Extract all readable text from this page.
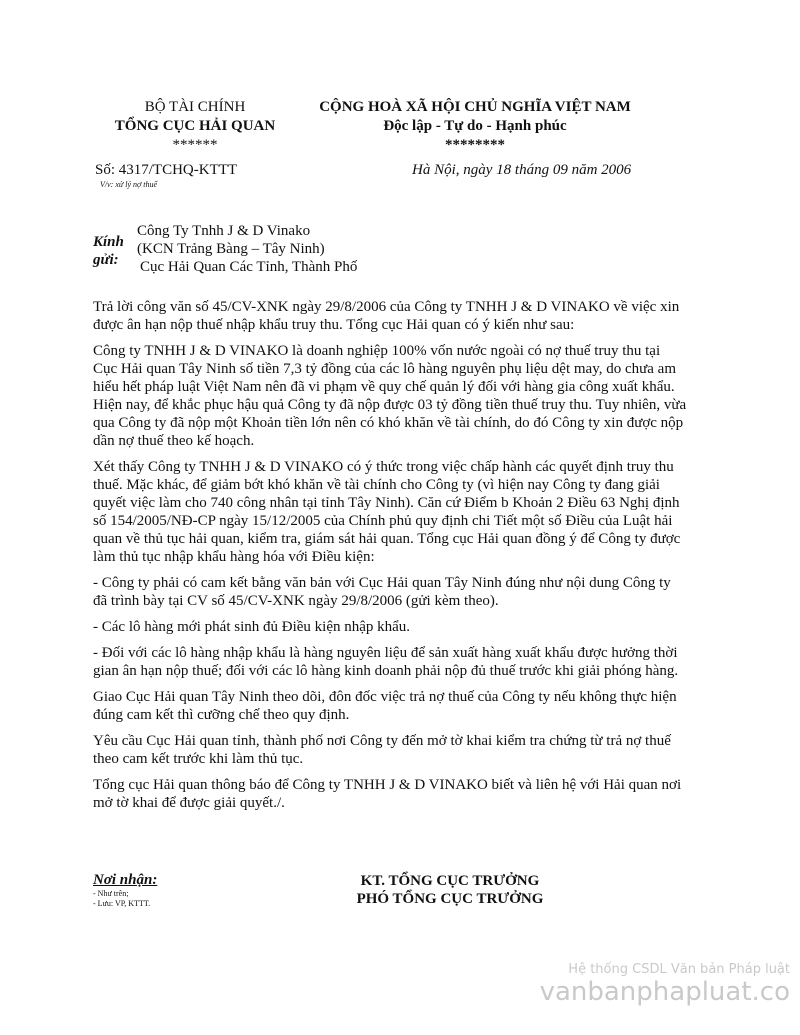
BỘ TÀI CHÍNH
TỔNG CỤC HẢI QUAN
******
CỘNG HOÀ XÃ HỘI CHỦ NGHĨA VIỆT NAM
Độc lập - Tự do - Hạnh phúc
********
Số: 4317/TCHQ-KTTT
V/v: xử lý nợ thuế
Hà Nội, ngày 18 tháng 09 năm 2006
Kính
gửi:
Công Ty Tnhh J & D Vinako
(KCN Trảng Bàng – Tây Ninh)
Cục Hải Quan Các Tỉnh, Thành Phố

Trả lời công văn số 45/CV-XNK ngày 29/8/2006 của Công ty TNHH J & D VINAKO về việc xin được ân hạn nộp thuế nhập khẩu truy thu. Tổng cục Hải quan có ý kiến như sau:

Công ty TNHH J & D VINAKO là doanh nghiệp 100% vốn nước ngoài có nợ thuế truy thu tại Cục Hải quan Tây Ninh số tiền 7,3 tỷ đồng của các lô hàng nguyên phụ liệu dệt may, do chưa am hiểu hết pháp luật Việt Nam nên đã vi phạm về quy chế quản lý đối với hàng gia công xuất khẩu. Hiện nay, để khắc phục hậu quả Công ty đã nộp được 03 tỷ đồng tiền thuế truy thu. Tuy nhiên, vừa qua Công ty đã nộp một Khoản tiền lớn nên có khó khăn về tài chính, do đó Công ty xin được nộp dần nợ thuế theo kế hoạch.

Xét thấy Công ty TNHH J & D VINAKO có ý thức trong việc chấp hành các quyết định truy thu thuế. Mặc khác, để giảm bớt khó khăn về tài chính cho Công ty (vì hiện nay Công ty đang giải quyết việc làm cho 740 công nhân tại tỉnh Tây Ninh). Căn cứ Điểm b Khoản 2 Điều 63 Nghị định số 154/2005/NĐ-CP ngày 15/12/2005 của Chính phủ quy định chi Tiết một số Điều của Luật hải quan về thủ tục hải quan, kiểm tra, giám sát hải quan. Tổng cục Hải quan đồng ý để Công ty được làm thủ tục nhập khẩu hàng hóa với Điều kiện:

- Công ty phải có cam kết bằng văn bản với Cục Hải quan Tây Ninh đúng như nội dung Công ty đã trình bày tại CV số 45/CV-XNK ngày 29/8/2006 (gửi kèm theo).

- Các lô hàng mới phát sinh đủ Điều kiện nhập khẩu.

- Đối với các lô hàng nhập khẩu là hàng nguyên liệu để sản xuất hàng xuất khẩu được hưởng thời gian ân hạn nộp thuế; đối với các lô hàng kinh doanh phải nộp đủ thuế trước khi giải phóng hàng.

Giao Cục Hải quan Tây Ninh theo dõi, đôn đốc việc trả nợ thuế của Công ty nếu không thực hiện đúng cam kết thì cưỡng chế theo quy định.

Yêu cầu Cục Hải quan tỉnh, thành phố nơi Công ty đến mở tờ khai kiểm tra chứng từ trả nợ thuế theo cam kết trước khi làm thủ tục.

Tổng cục Hải quan thông báo để Công ty TNHH J & D VINAKO biết và liên hệ với Hải quan nơi mở tờ khai để được giải quyết./.

Nơi nhận:
- Như trên;
- Lưu: VP, KTTT.
KT. TỔNG CỤC TRƯỞNG
PHÓ TỔNG CỤC TRƯỞNG
Hệ thống CSDL Văn bản Pháp luật
vanbanphapluat.co
